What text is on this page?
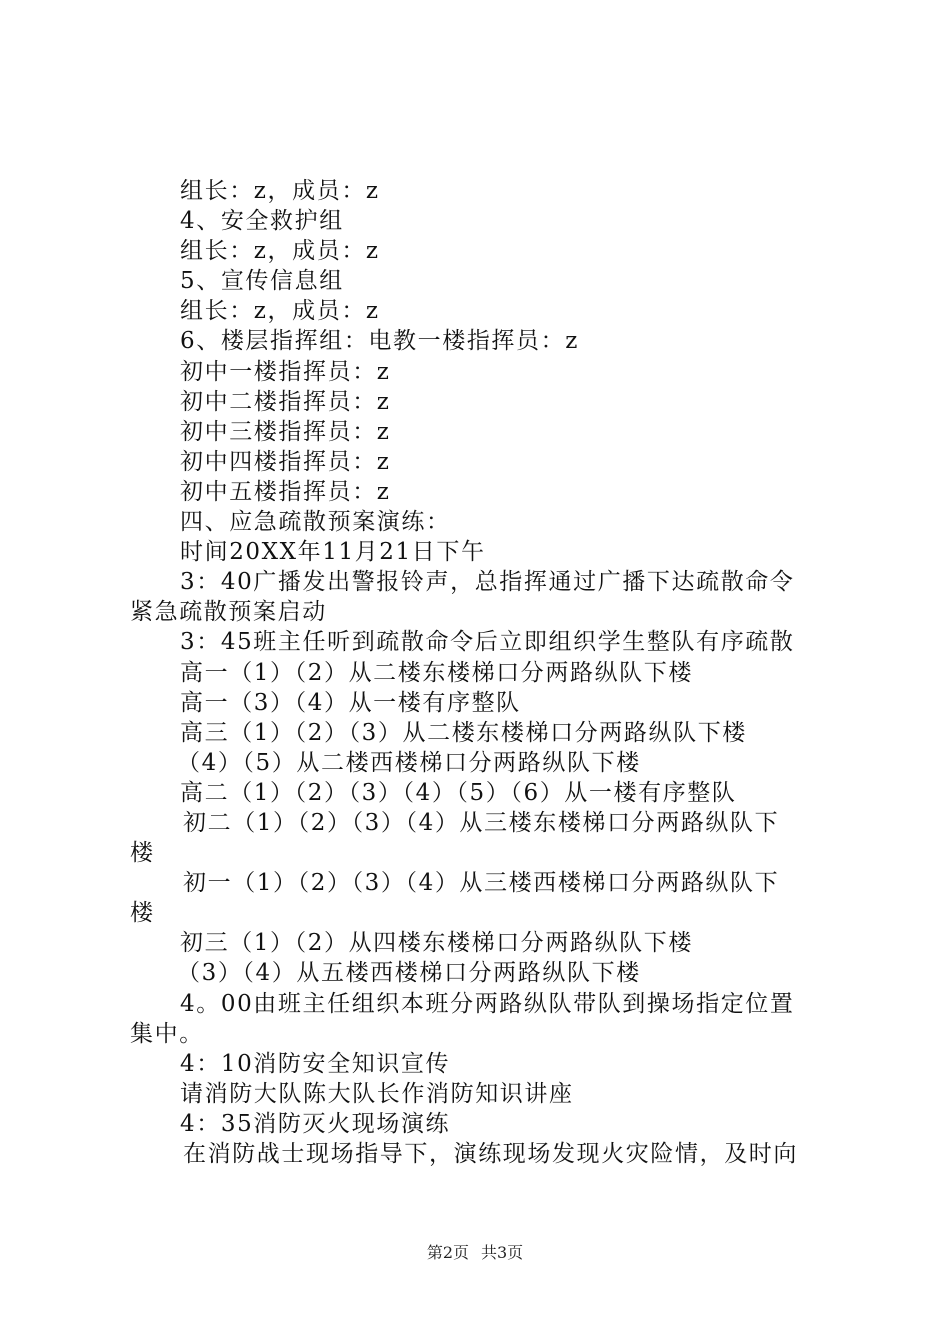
组长：z，成员：z
4、安全救护组
组长：z，成员：z
5、宣传信息组
组长：z，成员：z
6、楼层指挥组：电教一楼指挥员：z
初中一楼指挥员：z
初中二楼指挥员：z
初中三楼指挥员：z
初中四楼指挥员：z
初中五楼指挥员：z
四、应急疏散预案演练：
时间20XX年11月21日下午
3：40广播发出警报铃声，总指挥通过广播下达疏散命令
紧急疏散预案启动
3：45班主任听到疏散命令后立即组织学生整队有序疏散
高一（1）（2）从二楼东楼梯口分两路纵队下楼
高一（3）（4）从一楼有序整队
高三（1）（2）（3）从二楼东楼梯口分两路纵队下楼
（4）（5）从二楼西楼梯口分两路纵队下楼
高二（1）（2）（3）（4）（5）（6）从一楼有序整队
初二（1）（2）（3）（4）从三楼东楼梯口分两路纵队下
楼
初一（1）（2）（3）（4）从三楼西楼梯口分两路纵队下
楼
初三（1）（2）从四楼东楼梯口分两路纵队下楼
（3）（4）从五楼西楼梯口分两路纵队下楼
4。00由班主任组织本班分两路纵队带队到操场指定位置
集中。
4：10消防安全知识宣传
请消防大队陈大队长作消防知识讲座
4：35消防灭火现场演练
在消防战士现场指导下，演练现场发现火灾险情，及时向
第2页 共3页
